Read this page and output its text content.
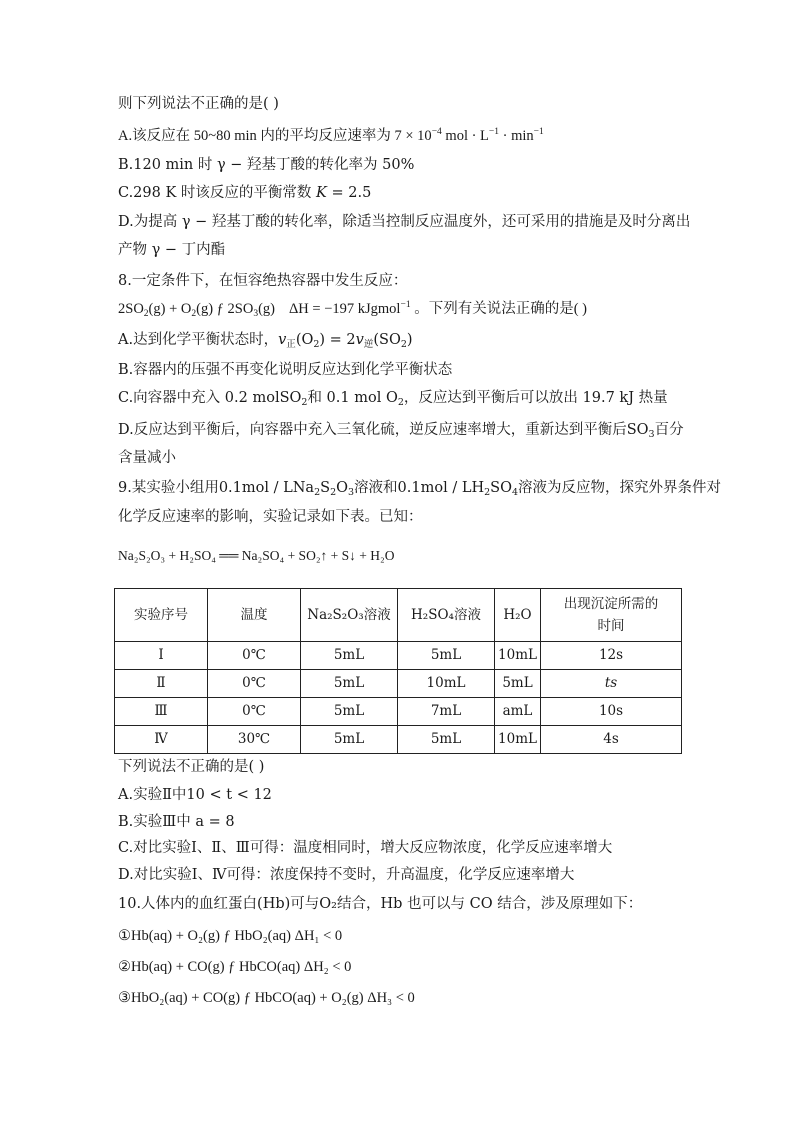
则下列说法不正确的是( )
A.该反应在 50~80 min 内的平均反应速率为 $7 \times 10^{-4}$ mol · $L^{-1} \cdot \min^{-1}$
B.120 min 时 γ − 羟基丁酸的转化率为 50%
C.298 K 时该反应的平衡常数 K = 2.5
D.为提高 γ − 羟基丁酸的转化率，除适当控制反应温度外，还可采用的措施是及时分离出
产物 γ − 丁内酯
8.一定条件下，在恒容绝热容器中发生反应：
$2SO_2(g) + O_2(g)$ ƒ $2SO_3(g) \Delta H = -197$ kJgmol$^{-1}$ 。下列有关说法正确的是( )
A.达到化学平衡状态时，$v_正(O_2) = 2v_逆(SO_2)$
B.容器内的压强不再变化说明反应达到化学平衡状态
C.向容器中充入 0.2 molSO$_2$和 0.1 mol $O_2$，反应达到平衡后可以放出 19.7 kJ 热量
D.反应达到平衡后，向容器中充入三氧化硫，逆反应速率增大，重新达到平衡后$SO_3$百分
含量减小
9.某实验小组用$0.1mol / LNa_2S_2O_3$溶液和$0.1mol / LH_2SO_4$溶液为反应物，探究外界条件对
化学反应速率的影响，实验记录如下表。已知：
Na₂S₂O₃ + H₂SO₄ ══ Na₂SO₄ + SO₂↑ + S↓ + H₂O
实验序号	温度	Na₂S₂O₃溶液	H₂SO₄溶液	H₂O	出现沉淀所需的时间
Ⅰ	0℃	5mL	5mL	10mL	12s
Ⅱ	0℃	5mL	10mL	5mL	ts
Ⅲ	0℃	5mL	7mL	amL	10s
Ⅳ	30℃	5mL	5mL	10mL	4s
下列说法不正确的是( )
A.实验Ⅱ中10 < t < 12
B.实验Ⅲ中 a = 8
C.对比实验Ⅰ、Ⅱ、Ⅲ可得：温度相同时，增大反应物浓度，化学反应速率增大
D.对比实验Ⅰ、Ⅳ可得：浓度保持不变时，升高温度，化学反应速率增大
10.人体内的血红蛋白(Hb)可与O₂结合，Hb 也可以与 CO 结合，涉及原理如下：
①Hb(aq) + O₂(g) ƒ HbO₂(aq) ΔH₁ < 0
②Hb(aq) + CO(g) ƒ HbCO(aq) ΔH₂ < 0
③HbO₂(aq) + CO(g) ƒ HbCO(aq) + O₂(g) ΔH₃ < 0
